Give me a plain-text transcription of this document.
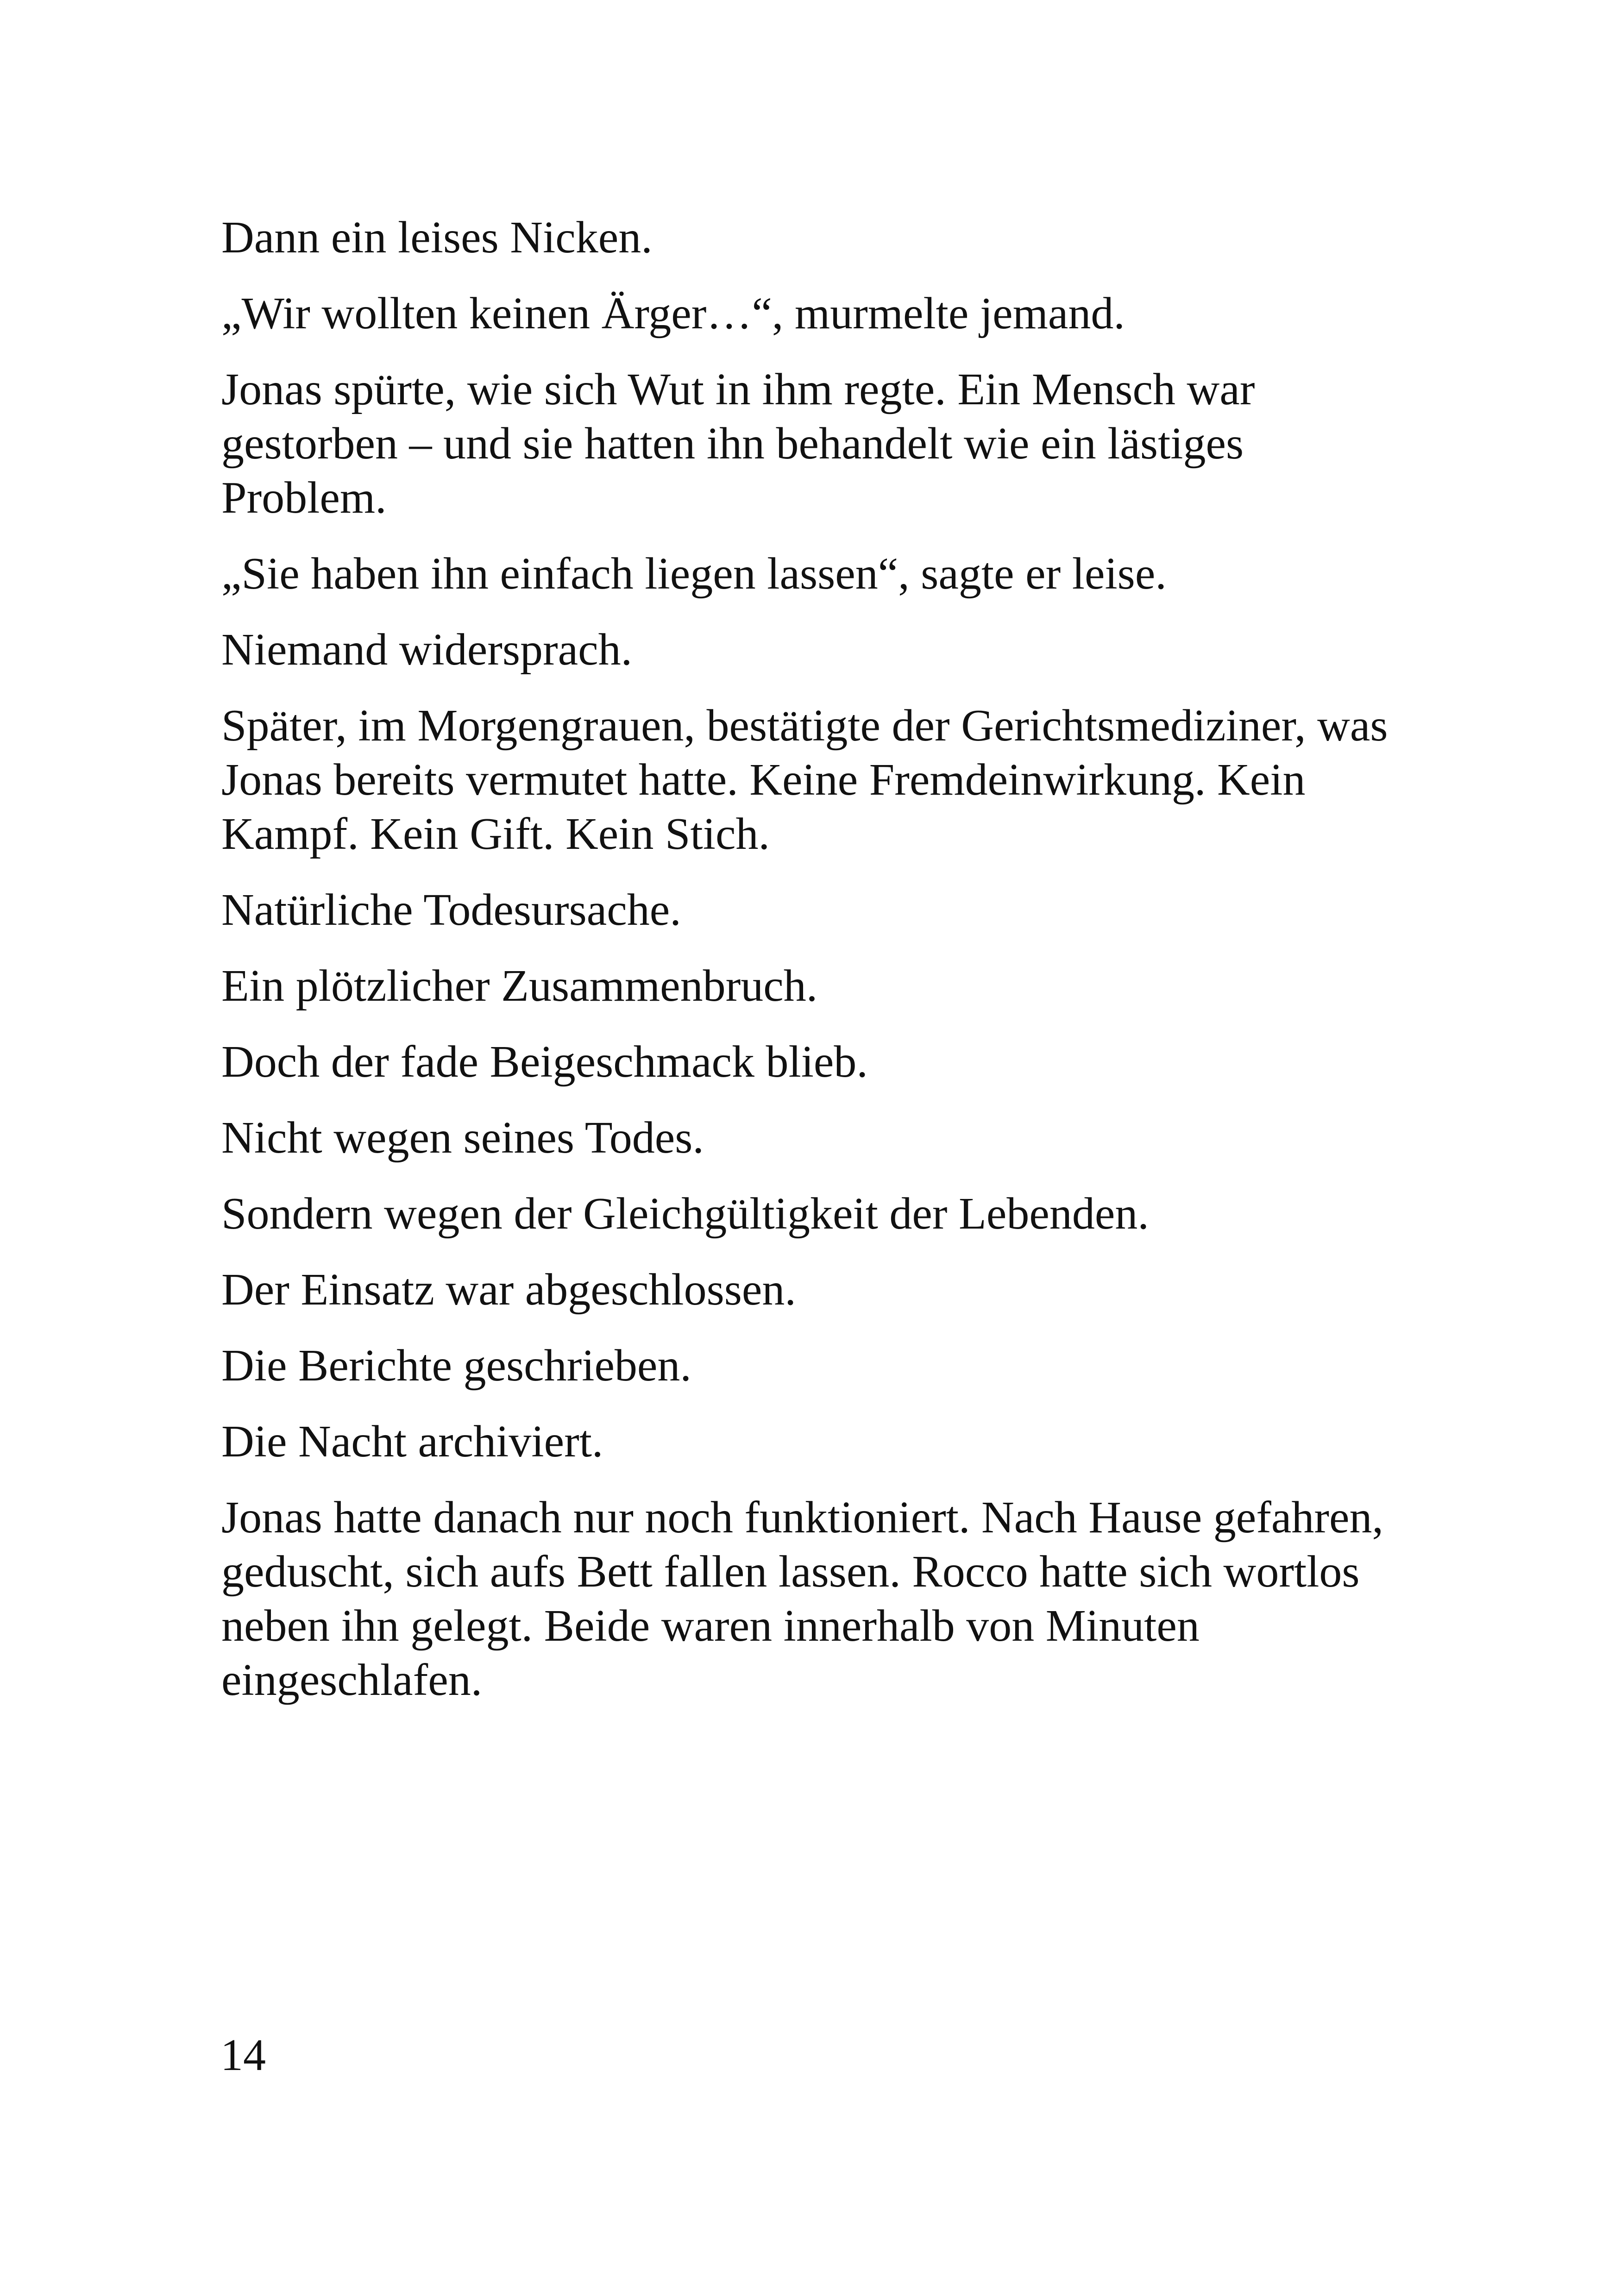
Dann ein leises Nicken.

„Wir wollten keinen Ärger…“, murmelte jemand.

Jonas spürte, wie sich Wut in ihm regte. Ein Mensch war gestorben – und sie hatten ihn behandelt wie ein lästiges Problem.

„Sie haben ihn einfach liegen lassen“, sagte er leise.

Niemand widersprach.

Später, im Morgengrauen, bestätigte der Gerichtsmediziner, was Jonas bereits vermutet hatte. Keine Fremdeinwirkung. Kein Kampf. Kein Gift. Kein Stich.

Natürliche Todesursache.

Ein plötzlicher Zusammenbruch.

Doch der fade Beigeschmack blieb.

Nicht wegen seines Todes.

Sondern wegen der Gleichgültigkeit der Lebenden.

Der Einsatz war abgeschlossen.

Die Berichte geschrieben.

Die Nacht archiviert.

Jonas hatte danach nur noch funktioniert. Nach Hause gefahren, geduscht, sich aufs Bett fallen lassen. Rocco hatte sich wortlos neben ihn gelegt. Beide waren innerhalb von Minuten eingeschlafen.

14
